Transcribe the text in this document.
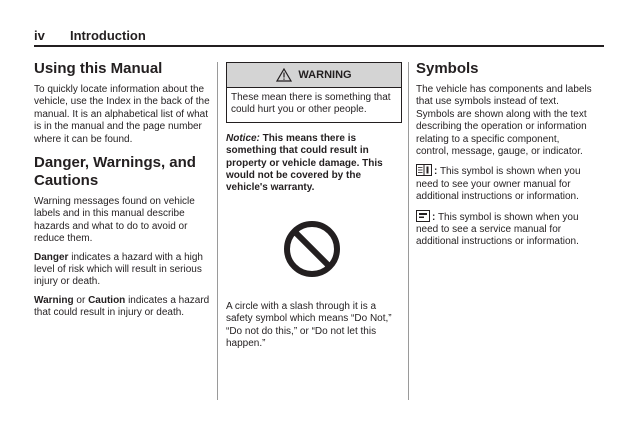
iv Introduction
Using this Manual

To quickly locate information about the vehicle, use the Index in the back of the manual. It is an alphabetical list of what is in the manual and the page number where it can be found.

Danger, Warnings, and Cautions

Warning messages found on vehicle labels and in this manual describe hazards and what to do to avoid or reduce them.

Danger indicates a hazard with a high level of risk which will result in serious injury or death.

Warning or Caution indicates a hazard that could result in injury or death.

WARNING
These mean there is something that could hurt you or other people.

Notice: This means there is something that could result in property or vehicle damage. This would not be covered by the vehicle's warranty.

A circle with a slash through it is a safety symbol which means “Do Not,” “Do not do this,” or “Do not let this happen.”

Symbols

The vehicle has components and labels that use symbols instead of text. Symbols are shown along with the text describing the operation or information relating to a specific component, control, message, gauge, or indicator.

: This symbol is shown when you need to see your owner manual for additional instructions or information.

: This symbol is shown when you need to see a service manual for additional instructions or information.
